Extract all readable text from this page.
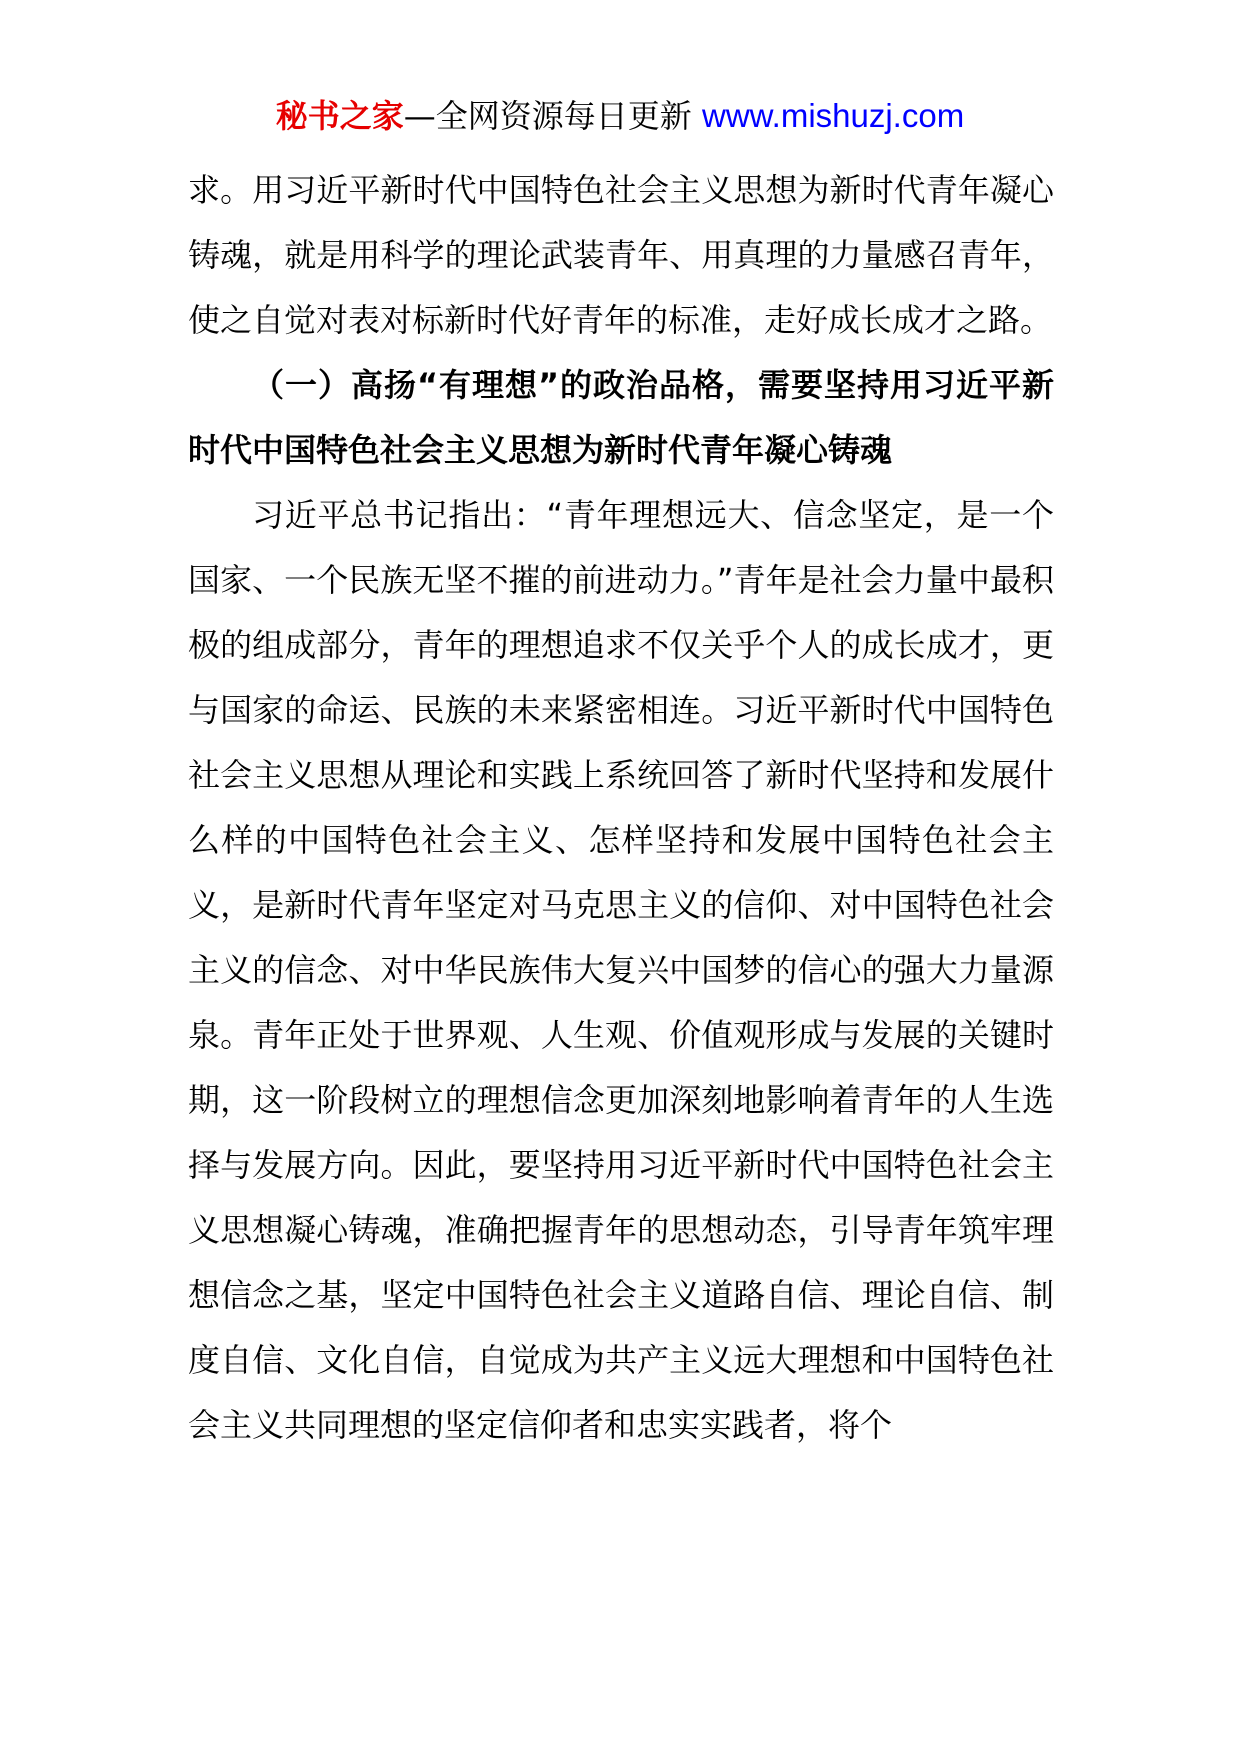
秘书之家—全网资源每日更新 www.mishuzj.com

求。用习近平新时代中国特色社会主义思想为新时代青年凝心铸魂，就是用科学的理论武装青年、用真理的力量感召青年，使之自觉对表对标新时代好青年的标准，走好成长成才之路。

（一）高扬“有理想”的政治品格，需要坚持用习近平新时代中国特色社会主义思想为新时代青年凝心铸魂

习近平总书记指出：“青年理想远大、信念坚定，是一个国家、一个民族无坚不摧的前进动力。”青年是社会力量中最积极的组成部分，青年的理想追求不仅关乎个人的成长成才，更与国家的命运、民族的未来紧密相连。习近平新时代中国特色社会主义思想从理论和实践上系统回答了新时代坚持和发展什么样的中国特色社会主义、怎样坚持和发展中国特色社会主义，是新时代青年坚定对马克思主义的信仰、对中国特色社会主义的信念、对中华民族伟大复兴中国梦的信心的强大力量源泉。青年正处于世界观、人生观、价值观形成与发展的关键时期，这一阶段树立的理想信念更加深刻地影响着青年的人生选择与发展方向。因此，要坚持用习近平新时代中国特色社会主义思想凝心铸魂，准确把握青年的思想动态，引导青年筑牢理想信念之基，坚定中国特色社会主义道路自信、理论自信、制度自信、文化自信，自觉成为共产主义远大理想和中国特色社会主义共同理想的坚定信仰者和忠实实践者，将个
